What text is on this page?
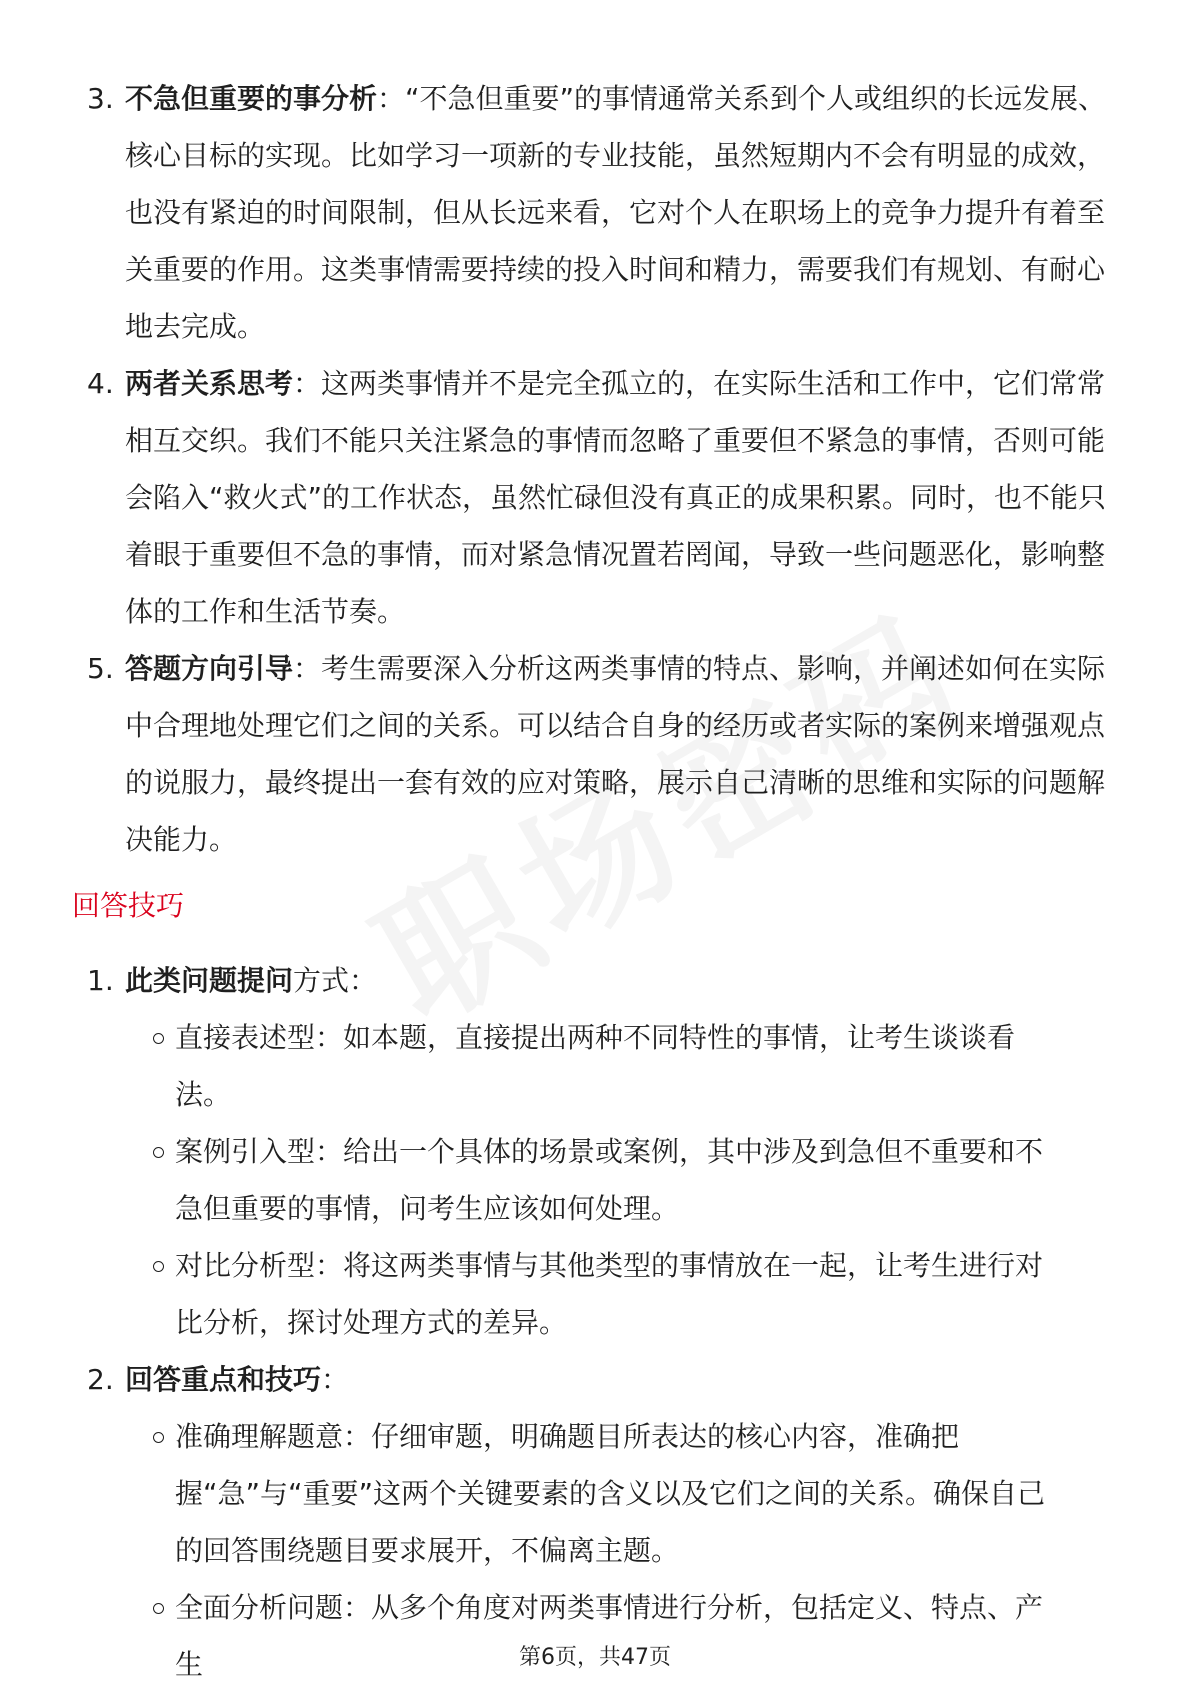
3. 不急但重要的事分析：“不急但重要”的事情通常关系到个人或组织的长远发展、核心目标的实现。比如学习一项新的专业技能，虽然短期内不会有明显的成效，也没有紧迫的时间限制，但从长远来看，它对个人在职场上的竞争力提升有着至关重要的作用。这类事情需要持续的投入时间和精力，需要我们有规划、有耐心地去完成。
4. 两者关系思考：这两类事情并不是完全孤立的，在实际生活和工作中，它们常常相互交织。我们不能只关注紧急的事情而忽略了重要但不紧急的事情，否则可能会陷入“救火式”的工作状态，虽然忙碌但没有真正的成果积累。同时，也不能只着眼于重要但不急的事情，而对紧急情况置若罔闻，导致一些问题恶化，影响整体的工作和生活节奏。
5. 答题方向引导：考生需要深入分析这两类事情的特点、影响，并阐述如何在实际中合理地处理它们之间的关系。可以结合自身的经历或者实际的案例来增强观点的说服力，最终提出一套有效的应对策略，展示自己清晰的思维和实际的问题解决能力。
回答技巧
1. 此类问题提问方式：
直接表述型：如本题，直接提出两种不同特性的事情，让考生谈谈看法。
案例引入型：给出一个具体的场景或案例，其中涉及到急但不重要和不急但重要的事情，问考生应该如何处理。
对比分析型：将这两类事情与其他类型的事情放在一起，让考生进行对比分析，探讨处理方式的差异。
2. 回答重点和技巧：
准确理解题意：仔细审题，明确题目所表达的核心内容，准确把握“急”与“重要”这两个关键要素的含义以及它们之间的关系。确保自己的回答围绕题目要求展开，不偏离主题。
全面分析问题：从多个角度对两类事情进行分析，包括定义、特点、产生	第6页，共47页
